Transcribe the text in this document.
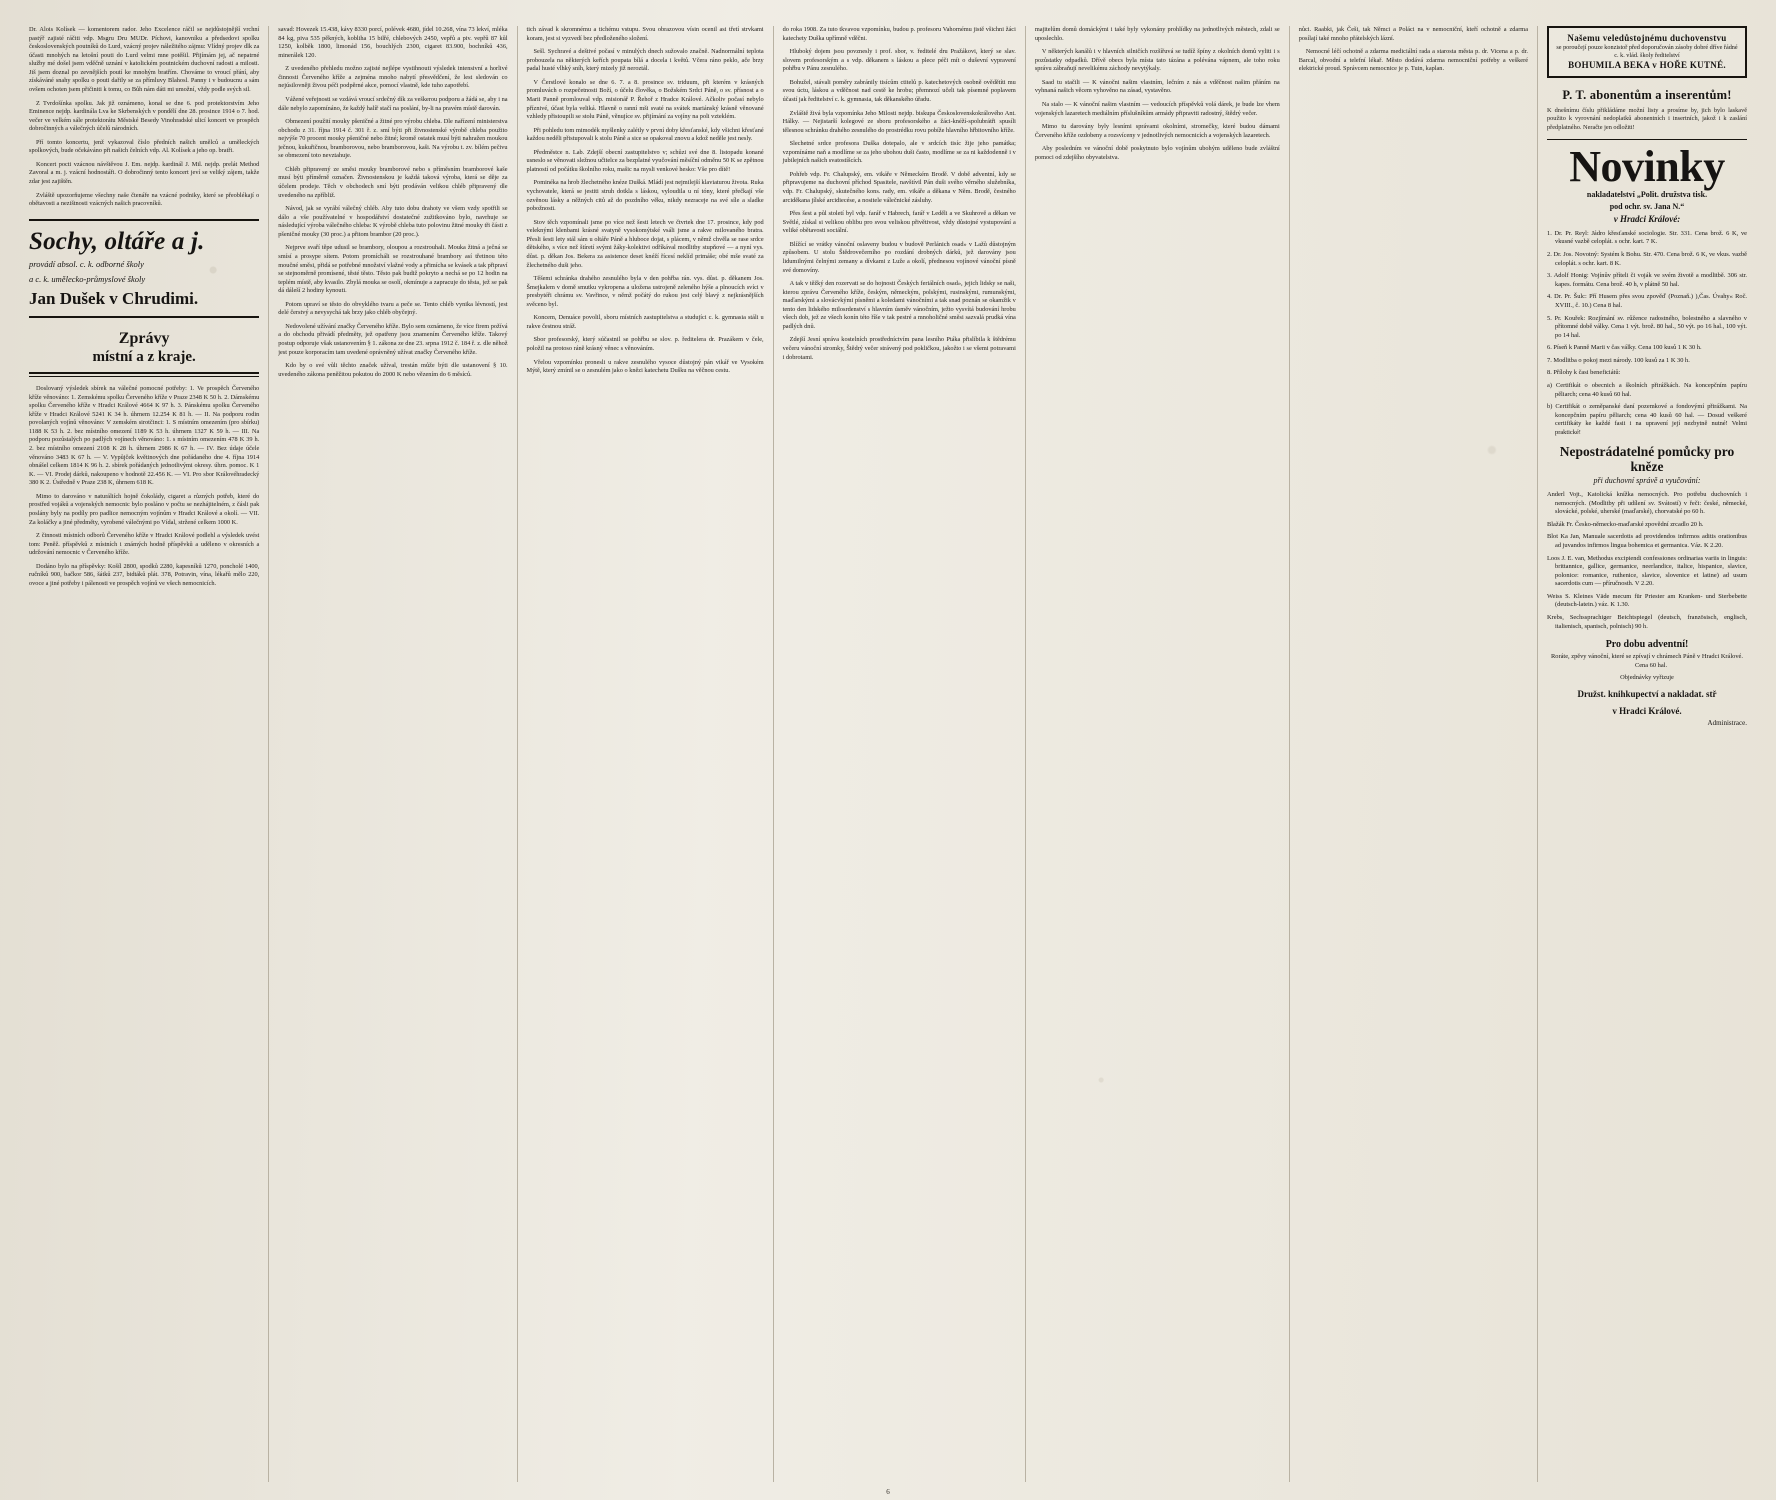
Dr. Alois Kolísek — komentorem rador. Jeho Excelence ráčil se nejdůstojnější vrchní pastýř zajisté ráčiti vdp. Msgru Dru MUDr. Píchovi, kanovníku a předsedovi spolku československých poutníků do Lurd, vzácný projev náležitého zájmu: Vlídný projev dlk za účasti mnohých na letošní pouti do Lurd velmi mne potěšil. Přijímám jej, ač nepatrné služby mé došel jsem vděčně uznání v katolickém poutnickém duchovní radosti a milosti. Jiš jsem doznal po zevnějších poutí ke mnohým bratřím. Chováme to vroucí přání, aby získáváné snahy spolku o pouti dařily se za přímluvy Blahosl. Panny i v budoucnu a sám ovšem ochoten jsem přičiniti k tomu, co Bůh nám dáti mi umožní, vždy podle svých sil.

Z Tvrdošínka spolku. Jak již oznámeno, konal se dne 6. pod protektorstvím Jeho Eminence nejdp. kardinála Lva ke Skrbenských v pondělí dne 28. prosince 1914 o 7. hod. večer ve velkém sále protektorátu Městské Besedy Vinohradské ulicí koncert ve prospěch dobročinných a válečných účelů národních.

Pří tomto koncertu, jenž vykazoval číslo předních našich umělců a uměleckých spolkových, bude očekáváno při našich čelních vdp. Al. Kolísek a jeho op. bratři.

Koncert pocti vzácnou návštěvou J. Em. nejdp. kardinál J. Mil. nejdp. prelát Method Zavoral a m. j. vzácní hodnostáři. O dobročinný tento koncert jeví se veliký zájem, takže zdar jest zajištěn.

Zvláště upozorňujeme všechny naše čtenáře na vzácné podniky, které se přeoblékají o obětavosti a nezištnosti vzácných našich pracovníků.

Sochy, oltáře a j.
provádí absol. c. k. odborné školy
a c. k. umělecko-průmyslové školy
Jan Dušek v Chrudimi.
Zprávy
místní a z kraje.

Doslovaný výsledek sbírek na válečné pomocné potřeby: 1. Ve prospěch Červeného kříže věnováno: 1. Zemskému spolku Červeného kříže v Praze 2348 K 50 h. 2. Dámskému spolku Červeného kříže v Hradci Králové 4664 K 97 h. 3. Pánskému spolku Červeného kříže v Hradci Králové 5241 K 34 h. úhrnem 12.254 K 81 h. — II. Na podporu rodin povolaných vojínů věnováno: V zemském sirotčinci: 1. S místním omezením (pro sbírku) 1188 K 53 h. 2. bez místního omezení 1189 K 53 h. úhrnem 1327 K 59 h. — III. Na podporu pozůstalých po padlých vojínech věnováno: 1. s místním omezením 478 K 39 h. 2. bez místního omezení 2108 K 28 h. úhrnem 2986 K 67 h. — IV. Bez údaje účele věnováno 3483 K 67 h. — V. Vypůjček květinových dne pořádaného dne 4. října 1914 obnášel celkem 1814 K 96 h. 2. sbírek pořádaných jednotlivými okresy. úhrn. pomoc. K 1 K. — VI. Prodej dárků, nakoupeno v hodnotě 22.456 K. — VI. Pro sbor Královéhradecký 380 K 2. Ústředně v Praze 238 K, úhrnem 618 K.

Mimo to darováno v naturáliích hojně čokolády, cigaret a různých potřeb, které do prostřed vojáků a vojenských nemocnic bylo posláno v počtu se nezhájitelném, z čásli pak poslány byly na podíly pro padlice nemocným vojínům v Hradci Králové a okolí. — VII. Za koláčky a jiné předměty, vyrobené válečnými po Vídal, stržené celkem 1000 K.

Z činnosti místních odborů Červeného kříže v Hradci Králové podlehl a výsledek uvést tom: Peněž. příspěvků z místních i známých hodně příspěvků a uděleno v okresních a udržování nemocnic v Červeného kříže.

Dodáno bylo na příspěvky: Košíl 2800, spodků 2280, kapesníků 1270, poncholé 1400, ručníků 900, bačkor 586, šátků 237, bidtáků plát. 378, Potravin, vína, lékařů mělo 220, ovoce a jiné potřeby i pálenosti ve prospěch vojínů ve všech nemocnicích.

savad: Hovezek 15.438, kávy 8330 porcí, polévek 4680, jídel 10.268, vína 73 lekví, mléka 84 kg, piva 535 pěkných, kobliha 15 bilřé, chlebových 2450, vepřů a piv. vepřů 87 kůl 1250, kolběk 1800, limonád 156, bouchlých 2300, cigaret 83.900, bochníků 436, minerálek 120.

Z uvedeného přehledu možno zajisté nejlépe vystihnouti výsledek intensivní a horlivé činnosti Červeného kříže a zejména mnoho nabytí přesvědčení, že lest sledován co nejúsilovněji živou péči podpěrné akce, pomocí vlastně, kde tuho zapotřebí.

Vážené veřejnosti se vzdává vroucí srdečný dík za veškerou podporu a žádá se, aby i na dále nebylo zapomínáno, že každý halíř stačí na poslání, by-li na pravém místě darován.

Obmezení použití mouky pšeničné a žitné pro výrobu chleba. Dle nařízení ministerstva obchodu z 31. října 1914 č. 301 ř. z. smí býti při živnostenské výrobě chleba použito nejvýše 70 procent mouky pšeničné nebo žitné; kromě ostatek musí býti nahražen moukou ječnou, kukuřičnou, bramborovou, nebo bramborovou, kaši. Na výrobu t. zv. bílém pečivu se obmezení toto nevztahuje.

Chléb připravený ze směsi mouky bramborové nebo s příměsním bramborové kaše musí býti příměrně označen. Živnostenskou je každá taková výroba, která se děje za účelem prodeje. Těch v obchodech smí býti prodáván velikou chléb připravený dle uvedeného na zpříbliž.

Návod, jak se vyrábí válečný chléb. Aby tuto dobu drahoty ve všem vzdy spotřili se dálo a vše používatelné v hospodářství dostatečné zužitkováno bylo, navrhuje se následující výroba válečného chleba: K výrobě chleba tuto polovinu žitné mouky tři části z pšeničné mouky (30 proc.) a přitom brambor (20 proc.).

Nejprve svaří těpe udusil se brambory, oloupou a rozstrouhali. Mouka žitná a ječná se smísí a prosype sítem. Potom promícháli se rozstrouhané brambory así třetinou této moučné směsi, přidá se potřebné množství vlažné vody a přimícha se kvásek a tak připraví se stejnoměrně promísené, těsté těsto. Těsto pak budiž pokryto a nechá se po 12 hodin na teplém místě, aby kvasilo. Zbylá mouka se osolí, okmínuje a zapracuje do těsta, jež se pak dá dáleší 2 hodiny kynouti.

Potom upraví se těsto do obvyklého tvaru a peče se. Tento chléb vynika lévností, jest delé čerstvý a nevysychá tak brzy jako chléb obyčejný.

Nedovolené užívání značky Červeného kříže. Bylo sem oznámeno, že více firem požívá a do obchodu přivádí předměty, jež opatřeny jsou znamením Červeného kříže. Takový postup odporuje však ustanovením § 1. zákona ze dne 23. srpna 1912 č. 184 ř. z. dle něhož jest pouze korporacím tam uvedené oprávněný užívat značky Červeného kříže.

Kdo by o své vůli těchto značek užíval, trestán může býti dle ustanovení § 10. uvedeného zákona peněžitou pokutou do 2000 K nebo vězením do 6 měsíců.

tich závad k skromnému a tichému vstupu. Svou obrazovou vísin ocenil asi třetí strvkami koram, jest si vyzvedí bez předloženého složení.

Sešl. Sychravé a deštivé počasí v minulých dnech sužovalo značně. Nadnormální teplota probouzela na některých keřích poupata bílá a docela i květů. Včera ráno peklo, ače brzy padal husté vlhký sníh, který mizely již neroztál.

V Čerstlové konalo se dne 6. 7. a 8. prosince sv. triduum, při kterém v krásných promluvách o rozpečetnosti Boží, o účelu člověka, o Božském Srdci Páně, o sv. přísnost a o Marii Panně promlouval vdp. misionář P. Řehoř z Hradce Králové. Ačkoliv počasí nebylo příznivé, účast byla veliká. Hlavně o ranní mši svaté na svátek mariánský krásně věnované vzhledy přistoupili se stolu Páně, věnujíce sv. přijímání za vojíny na poli vzteklém.

Při pohledu tom mimodék myšlenky zalétly v první doby křesťanské, kdy všichni křesťané každou neděli přistupovali k stolu Páně a sice se opakoval znovu a kdož neděle jest nesly.

Předměstce n. Lab. Zdejší obecní zastupitelstvo v; schůzi své dne 8. listopadu konané usneslo se věnovati sležnou učitelce za bezplatné vyučování měsíční odměnu 50 K se zpětnou platností od počátku školního roku, mašic na mysli venkové hesko: Vše pro dítě!

Pominéka na hrob žlechetného knéze Dušká. Mládí jest nejmilejší klaviaturou života. Ruka vychovatele, která se jestiti struh dotkla s láskou, vyloudila u ní tóny, které přečkají vše ozvěnou lásky a něžných citů až do pozdního věku, nikdy nezraceje na své síle a sladke pobožnosti.

Stov těch vzpomínali jsme po více než šesti letech ve čtvrtek dne 17. prosince, kdy pod veleknými klenbami krásné svatyně vysokomýtské vsáli jsme a rakve milovaného bratra. Přesli šesti lety stál sám u oltáře Páně a hluboce dojat, s plácem, v němž chvěla se rase srdce dětského, s více než štíretí svými žáky-kolektivi odříkával modlitby stupňové — a nyní vys. důst. p. děkan Jos. Bekera za asistence deset knéží řícesí neklíd primáše; obé mše svaté za žlechetného duši jeho.

Těšemi schránka drahého zesnulého byla v den pohřba rán. vys. důst. p. děkanem Jos. Šmejkalem v domě smutku vykropena a uložena ustrojeně zeleného hýše a plnoucích svíci v presbytéři chrámu sv. Vavřince, v němž počátý do rukou jest celý blavý z nejkrásnějších svěceno byl.

Koncem, Denuáce povolil, sboru místních zastupitelstva a studujíci c. k. gymnasia stáli u rakve čestnou stráž.

Sbor profesorský, který súčastnil se pohřbu se slov. p. ředitelera dr. Prazákem v čele, položil na protoso ráně krásný věnec s věnováním.

Vřelou vzpomínku pronesli u rakve zesnulého vysoce důstojný pán vikář ve Vysokém Mýtě, který zmínil se o zesnulém jako o knězi katechetu Dušku na věčnou cestu.

do roka 1908. Za tuto tkvavou vzpomínku, budou p. profesoru Vahornému jistě všichni žáci katechety Duška upřímně vděčni.

Hluboký dojem jsou povznesly i prof. sbor, v. ředitelé dru Pražákovi, který se slav. slovem profesorským a s vdp. děkanem s láskou a plece péči mít o duševní vypravení pohřbu v Pánu zesnulého.

Bohužel, stávali poměry zabránily tisícům ctitelů p. katechetových osobně ovědětíti mu svou úctu, láskou a vděčnost nad cestě ke hrobu; přemnozí učeli tak písemné poplavem účastí jak ředitelství c. k. gymnasia, tak děkanského úřadu.

Zvláště živá byla vzpomínka Jeho Milosti nejdp. biskupa Československokrálového Ant. Hálky. — Nejistarší kolegové ze sboru profesorského a žáci-knéží-spolubrátři spusíli tělesnou schránku drahého zesnulého do prostrédku rovu pobíže hlavního hřbitovního kříže.

Slechetné srdce profesora Duška dotepalo, ale v srdcích tisíc žije jeho památka; vzpomínáme naň a modlíme se za jeho ubohou duši často, modlíme se za ni každodenně i v jubilejních našich svatostíšcích.

Pohřeb vdp. Fr. Chalupský, em. vikáře v Německém Brodě. V době adventní, kdy se připravujeme na duchovní příchod Spasitele, navštívil Pán duši svého věrného služebníka, vdp. Fr. Chalupský, skutečného kons. rady, em. vikáře a děkana v Něm. Brodě, čestného arciděkana jílské arcidiecése, a nositele válečnické zásluhy.

Přes šest a půl století byl vdp. farář v Habrech, farář v Leděli a ve Skuhrově a děkan ve Světlé, získal si velikou oblibu pro svou veliskou přivětivost, vždy důstojné vystupování a veliké obětavosti sociální.

Blížící se vrátky vánoční oslaveny budou v budově Perlánich osad» v Lažů důstojným způsobem. U stolu Štědrovečerního po rozdání drobných dárků, jež darovány jsou lidumilnými čelnými zemany a dívkami z Luže a okolí, přednesou vojínové vánoční písně své domovíny.

A tak v těžký den rozervati se do hojnosti Českých feriálních osad», jejich lidsky se naši, kterou zprávu Červeného kříže, českým, německým, polskými, rusinskými, rumunskými, maďarskými a slovácvkými písněmi a koledami vánočními a tak snad poznán se okamžik v tento den lidského milosrdenství s hlavním úsměv vánočním, ježto vysvítá budování hrobu všech dob, jež ze všech konín této říše v tak pestré a mnoholičné směsi sazvalá prudká vína padlých dnů.

Zdejší Jesní správa kostelních prostředníctvím pana lesního Ptáka přislíbila k štědrému večeru vánoční stromky, Štědrý večer strávený pod pokličkou, jakožto i se všemi potravami i dobrotami.

majitelům domů domáckými i také byly vykonány prohlídky na jednotlivých městech, zdali se uposlechlo.

V některých kanálů i v hlavních silničích rozšířuvá se tudíž špíny z okolních domů vyliti i s pozůstatky odpadků. Dřívě obecs byla místa tato tázána a polévána vápnem, ale toho roku správu zábraňují nevelikému záchody nevytýkaly.

Saad tu stačili — K vánočni našim vlastním, lečním z nás a vděčnost našim přáním na vyhnaná našich věcem vyhověno na zásad, vystavěno.

Na stalo — K vánoční našim vlastním — vedoucích příspěvků volá dárek, je bude lze vhem vojenských lazaretech mediálním příslušníkům armády připraviti radostný, štědrý večer.

Mimo tu darovány byly lesními správami okolními, stromečky, které budou dámami Červeného kříže ozdobeny a rozsvíceny v jednotlivých nemocnicích a vojenských lazaretech.

Aby posledním ve vánoční době poskytnuto bylo vojínům ubohým uděleno bude zvláštní pomoci od zdejšího obyvatelstva.

nůci. Raabki, jak Češi, tak Němci a Poláci na v nemocniční, kteří ochotně a zdarma posílají také mnoho přátelských lázní.

Nemocné léčí ochotně a zdarma mediciální rada a starosta města p. dr. Vicena a p. dr. Barcal, obvodní a telefní lékař. Město dodává zdarma nemocniční potřeby a veškeré elektrické proud. Správcem nemocnice je p. Tuin, kaplan.

Našemu veledůstojnému duchovenstvu
se poroučejí pouze konzistoř před doporučován zásoby dobré dříve řádné c. k. vlád. školy ředitelství
BOHUMILA BEKA v HOŘE KUTNÉ.
P. T. abonentům a inserentům!

K dnešnímu číslu přikládáme možní listy a prosíme by, jich bylo laskavě použito k vyrovnání nedoplatků abonentních i insertních, jakož i k zaslání předplatného. Neračte jen odložiti!

Novinky
nakladatelství „Polit. družstva tisk.
pod ochr. sv. Jana N.“
v Hradci Králové:

1. Dr. Pr. Reyl: Jádro křesťanské sociologie. Str. 331. Cena brož. 6 K, ve vkusné vazbě celoplát. s ochr. kart. 7 K.

2. Dr. Jos. Novotný: Systém k Bohu. Str. 470. Cena brož. 6 K, ve vkus. vazbě celoplát. s ochr. kart. 8 K.

3. Adolf Honig: Vojínův příteli či voják ve svém životě a modlitbě. 306 str. kapes. formátu. Cena brož. 40 h, v plátně 50 hal.

4. Dr. Pr. Šulc: Pří Husem přes svou zpověď (Poznaň.) ),Čas. Úvahy« Roč. XVIII., č. 10.) Cena 8 hal.

5. Pr. Kouřek: Rozjímání sv. růžence radostného, bolestného a slavného v přítomné době války. Cena 1 výt. brož. 80 hal., 50 výt. po 16 hal., 100 výt. po 14 hal.

6. Píseň k Panně Marii v čas války. Cena 100 kusů 1 K 30 h.

7. Modlitba o pokoj mezi národy. 100 kusů za 1 K 30 h.

8. Přílohy k časi beneficiátů:

a) Certifikát o obecnich a školních přirážkách. Na koncepčním papíru pěliarch; cena 40 kusů 60 hal.

b) Certifikát o zeměpanské daní pozemkové a fondovýmí přirážkami. Na koncepčním papíru pěliarch; cena 40 kusů 60 hal. — Dosud veškeré certifikáty ke každé fasii i na upravení její nezbytně nutné! Velmi praktické!

Nepostrádatelné pomůcky pro kněze
při duchovní správě a vyučování:

Anderl Vojt., Katolická knížka nemocných. Pro potřebu duchovních i nemocných. (Modlitby při udílení sv. Svátostí) v řeči: české, německé, slovácké, polské, uherské (maďarské), chorvatské po 60 h.

Blažák Fr. Česko-německo-maďarské zpovědní zrcadlo 20 h.

Blot Ka Jan, Manuale sacerdotis ad providendos infirmos aditis orationibus ad juvandos infirmos lingua bohemica et germanica. Váz. K 2.20.

Loos J. E. van, Methodus excipiendi confessiones ordinarias variis in linguis: brittannice, gallice, germanice, neerlandice, italice, hispanice, slavice, polonice: romanice, ruthenice, slavice, slovenice et latine) ad usum sacerdotis cum — příručnosth. V 2.20.

Weiss S. Kleines Väde mecum für Priester am Kranken- und Sterbebette (deutsch-latein.) váz. K 1.30.

Krebs, Sechssprachiger Beichtspiegel (deutsch, französisch, englisch, italienisch, spanisch, polnisch) 90 h.

Pro dobu adventní!

Roráte, zpěvy vánoční, které se zpívají v chrámech Páně v Hradci Králové. Cena 60 hal.

Objednávky vyřizuje

Družst. knihkupectví a nakladat. stř
v Hradci Králové.
Administrace.
6
